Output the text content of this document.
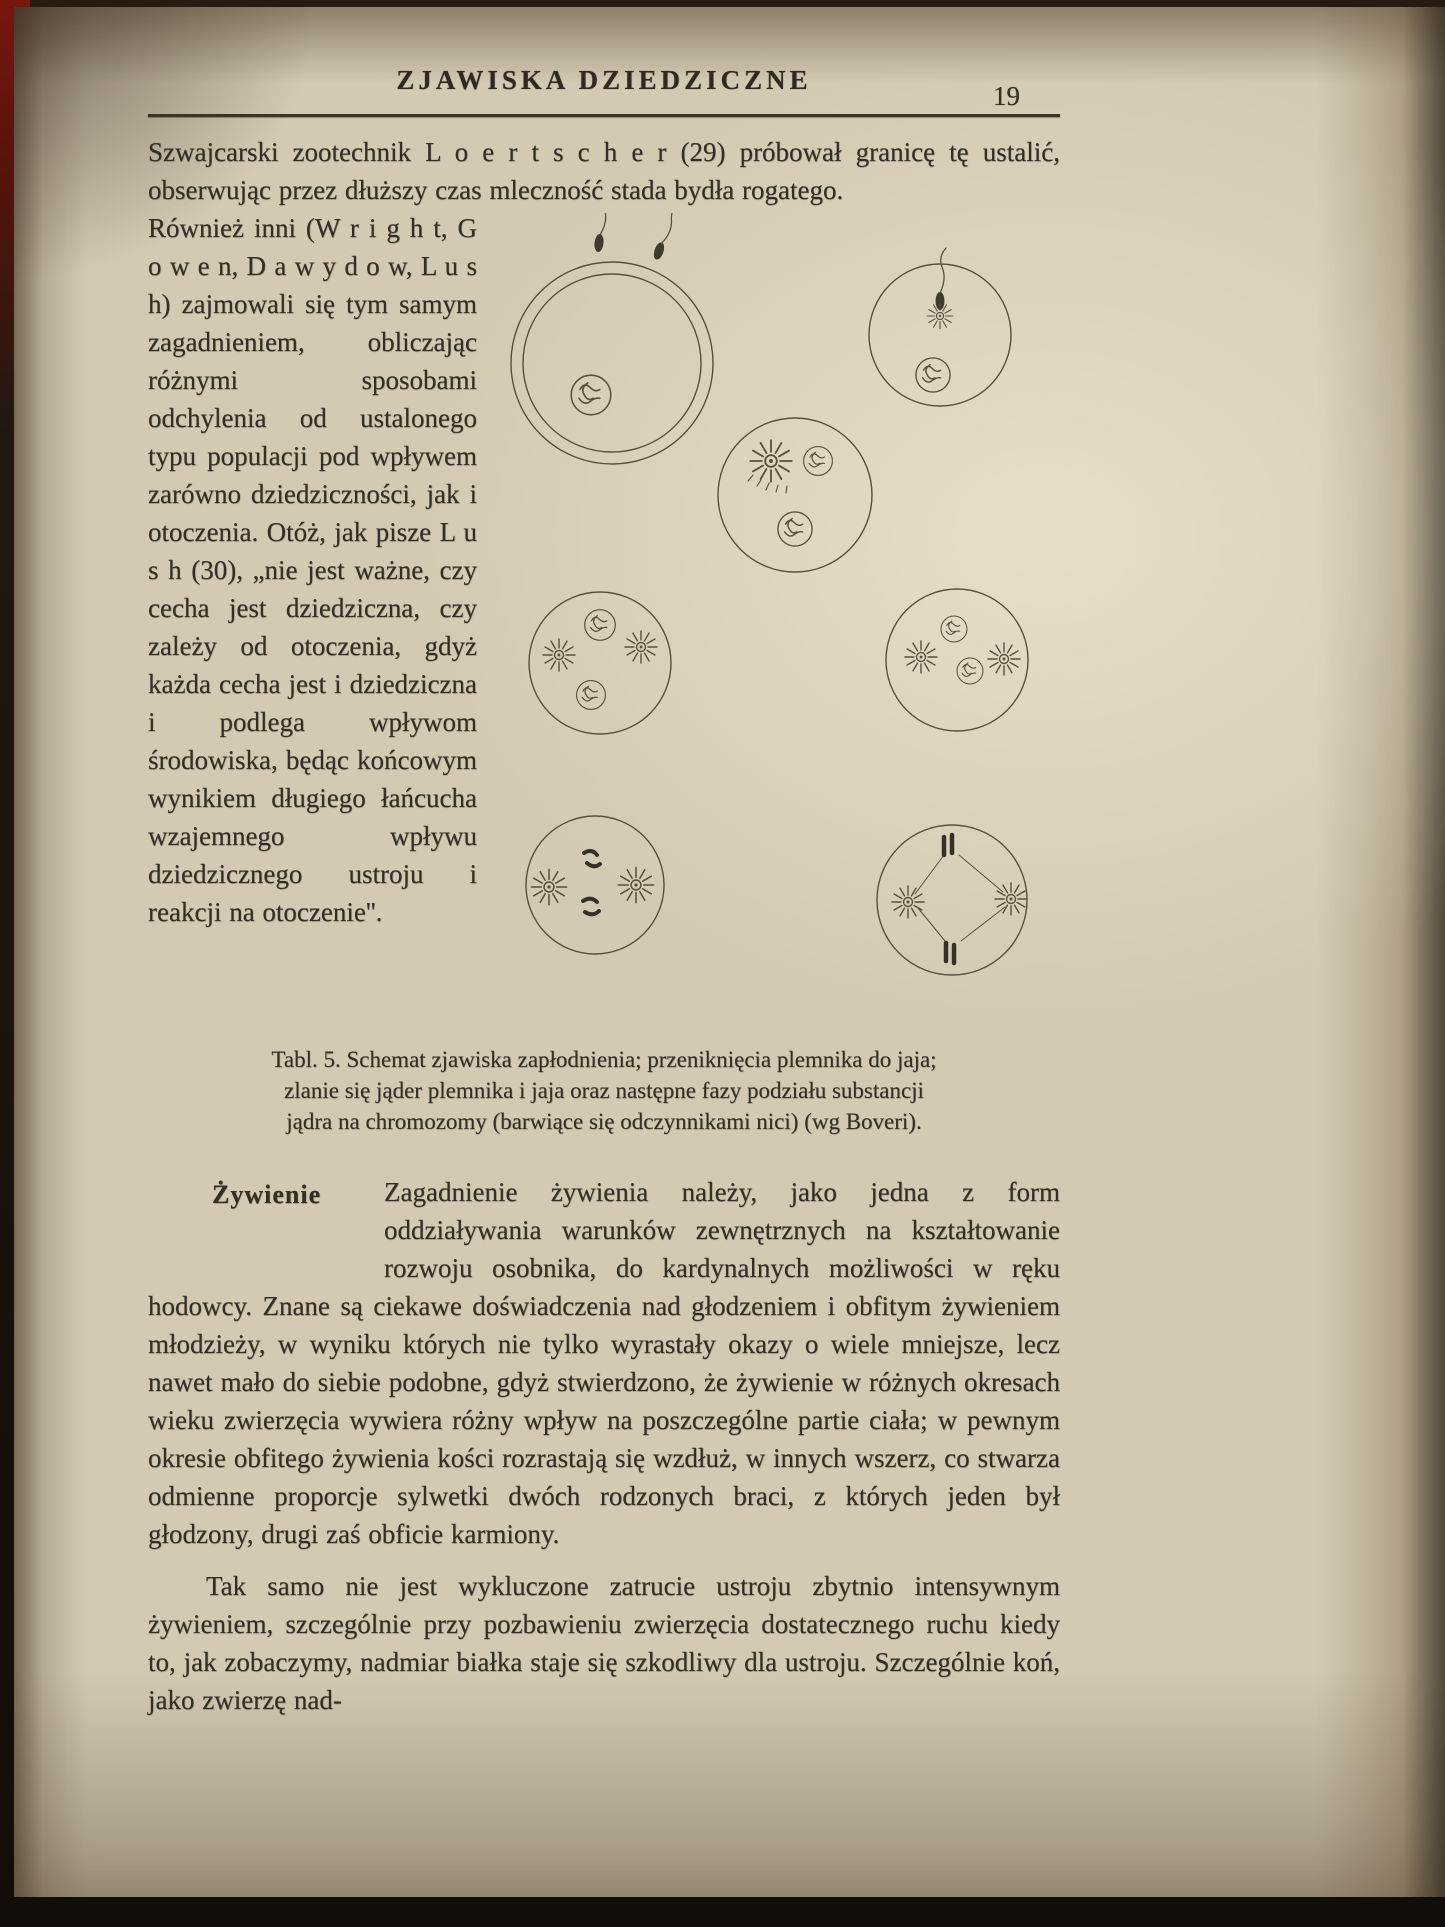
ZJAWISKA DZIEDZICZNE
19

Szwajcarski zootechnik L o e r t s c h e r (29) próbował granicę tę ustalić, obserwując przez dłuższy czas mleczność stada bydła rogatego.

Również inni (W r i g h t, G o w e n, D a w y d o w, L u s h) zajmowali się tym samym zagadnieniem, obliczając różnymi sposobami odchylenia od ustalonego typu populacji pod wpływem zarówno dziedziczności, jak i otoczenia. Otóż, jak pisze L u s h (30), „nie jest ważne, czy cecha jest dziedziczna, czy zależy od otoczenia, gdyż każda cecha jest i dziedziczna i podlega wpływom środowiska, będąc końcowym wynikiem długiego łańcucha wzajemnego wpływu dziedzicznego ustroju i reakcji na otoczenie''.

Tabl. 5. Schemat zjawiska zapłodnienia; przeniknięcia plemnika do jaja;
zlanie się jąder plemnika i jaja oraz następne fazy podziału substancji
jądra na chromozomy (barwiące się odczynnikami nici) (wg Boveri).

Żywienie	Zagadnienie żywienia należy, jako jedna z form oddziaływania warunków zewnętrznych na kształtowanie rozwoju osobnika, do kardynalnych możliwości w ręku hodowcy. Znane są ciekawe doświadczenia nad głodzeniem i obfitym żywieniem młodzieży, w wyniku których nie tylko wyrastały okazy o wiele mniejsze, lecz nawet mało do siebie podobne, gdyż stwierdzono, że żywienie w różnych okresach wieku zwierzęcia wywiera różny wpływ na poszczególne partie ciała; w pewnym okresie obfitego żywienia kości rozrastają się wzdłuż, w innych wszerz, co stwarza odmienne proporcje sylwetki dwóch rodzonych braci, z których jeden był głodzony, drugi zaś obficie karmiony.

Tak samo nie jest wykluczone zatrucie ustroju zbytnio intensywnym żywieniem, szczególnie przy pozbawieniu zwierzęcia dostatecznego ruchu kiedy to, jak zobaczymy, nadmiar białka staje się szkodliwy dla ustroju. Szczególnie koń, jako zwierzę nad-
